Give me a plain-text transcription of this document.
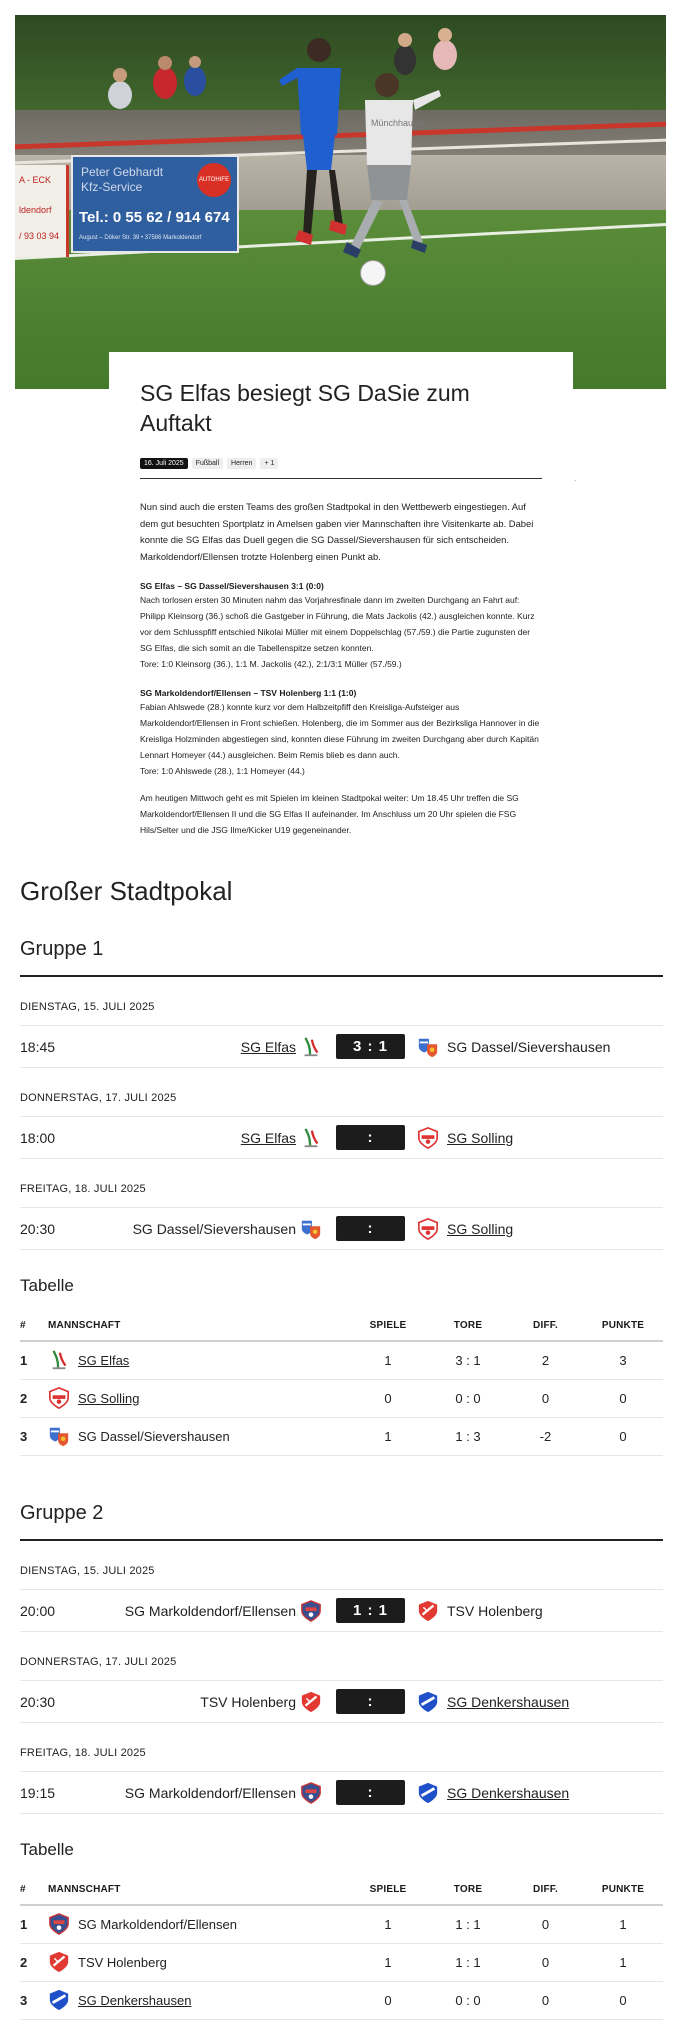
A - ECK
ldendorf
/ 93 03 94
Peter Gebhardt
Kfz-Service
Tel.: 0 55 62 / 914 674
August – Döker Str. 39 • 37586 Markoldendorf
AUTOHIFE
Münchhausen
SG Elfas besiegt SG DaSie zum Auftakt
16. Juli 2025	Fußball	Herren	+ 1
.

Nun sind auch die ersten Teams des großen Stadtpokal in den Wettbewerb eingestiegen. Auf dem gut besuchten Sportplatz in Amelsen gaben vier Mannschaften ihre Visitenkarte ab. Dabei konnte die SG Elfas das Duell gegen die SG Dassel/Sievershausen für sich entscheiden. Markoldendorf/Ellensen trotzte Holenberg einen Punkt ab.

SG Elfas – SG Dassel/Sievershausen 3:1 (0:0)

Nach torlosen ersten 30 Minuten nahm das Vorjahresfinale dann im zweiten Durchgang an Fahrt auf: Philipp Kleinsorg (36.) schoß die Gastgeber in Führung, die Mats Jackolis (42.) ausgleichen konnte. Kurz vor dem Schlusspfiff entschied Nikolai Müller mit einem Doppelschlag (57./59.) die Partie zugunsten der SG Elfas, die sich somit an die Tabellenspitze setzen konnten.

Tore: 1:0 Kleinsorg (36.), 1:1 M. Jackolis (42.), 2:1/3:1 Müller (57./59.)

SG Markoldendorf/Ellensen – TSV Holenberg 1:1 (1:0)

Fabian Ahlswede (28.) konnte kurz vor dem Halbzeitpfiff den Kreisliga-Aufsteiger aus Markoldendorf/Ellensen in Front schießen. Holenberg, die im Sommer aus der Bezirksliga Hannover in die Kreisliga Holzminden abgestiegen sind, konnten diese Führung im zweiten Durchgang aber durch Kapitän Lennart Homeyer (44.) ausgleichen. Beim Remis blieb es dann auch.

Tore: 1:0 Ahlswede (28.), 1:1 Homeyer (44.)

Am heutigen Mittwoch geht es mit Spielen im kleinen Stadtpokal weiter: Um 18.45 Uhr treffen die SG Markoldendorf/Ellensen II und die SG Elfas II aufeinander. Im Anschluss um 20 Uhr spielen die FSG Hils/Selter und die JSG Ilme/Kicker U19 gegeneinander.

Großer Stadtpokal
Gruppe 1
DIENSTAG, 15. JULI 2025
18:45	SG Elfas	3 : 1	SG Dassel/Sievershausen
DONNERSTAG, 17. JULI 2025
18:00	SG Elfas	:	SG Solling
FREITAG, 18. JULI 2025
20:30	SG Dassel/Sievershausen	:	SG Solling
Tabelle
#	MANNSCHAFT	SPIELE	TORE	DIFF.	PUNKTE
1	SG Elfas	1	3 : 1	2	3
2	SG Solling	0	0 : 0	0	0
3	SG Dassel/Sievershausen	1	1 : 3	-2	0
Gruppe 2
DIENSTAG, 15. JULI 2025
20:00	SG Markoldendorf/Ellensen	1 : 1	TSV Holenberg
DONNERSTAG, 17. JULI 2025
20:30	TSV Holenberg	:	SG Denkershausen
FREITAG, 18. JULI 2025
19:15	SG Markoldendorf/Ellensen	:	SG Denkershausen
Tabelle
#	MANNSCHAFT	SPIELE	TORE	DIFF.	PUNKTE
1	SG Markoldendorf/Ellensen	1	1 : 1	0	1
2	TSV Holenberg	1	1 : 1	0	1
3	SG Denkershausen	0	0 : 0	0	0
